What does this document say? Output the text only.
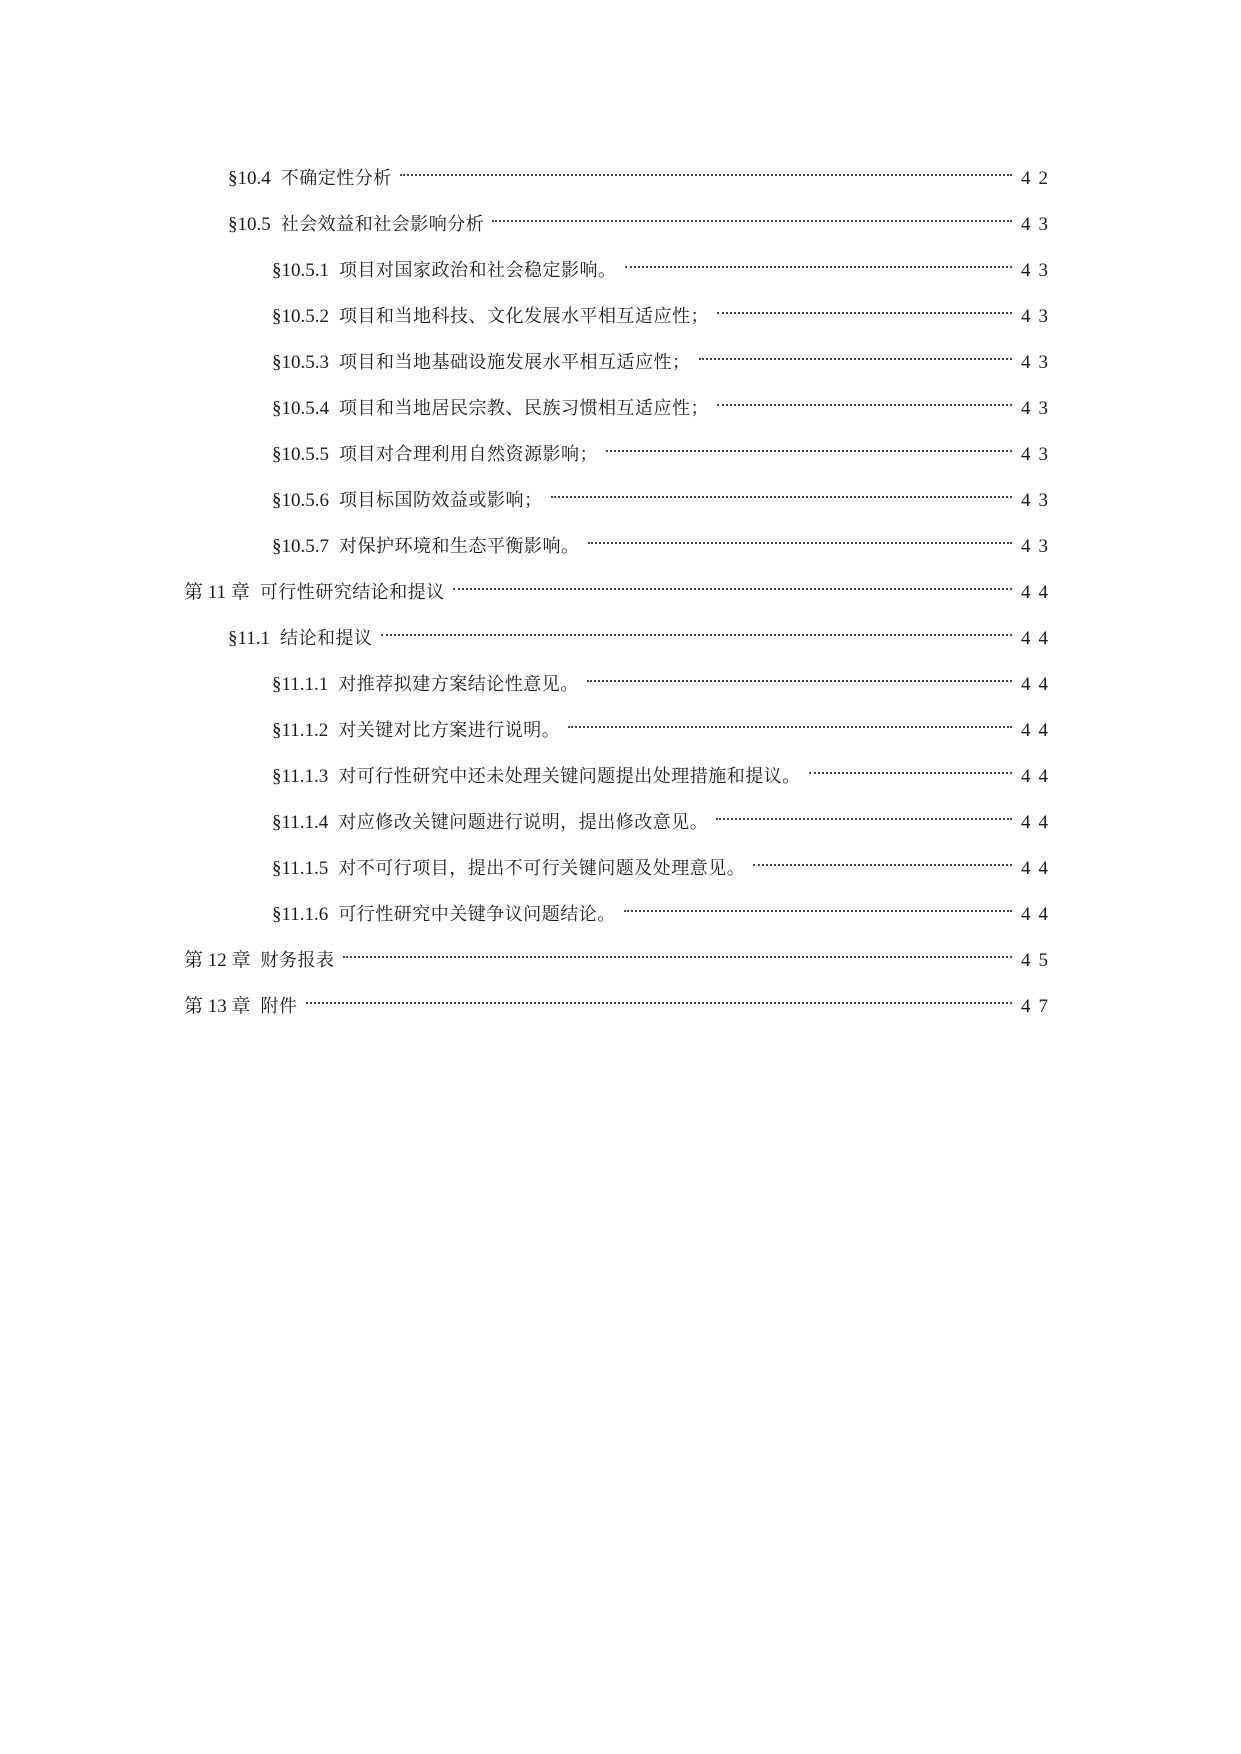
§10.4 不确定性分析	42
§10.5 社会效益和社会影响分析	43
§10.5.1 项目对国家政治和社会稳定影响。	43
§10.5.2 项目和当地科技、文化发展水平相互适应性；	43
§10.5.3 项目和当地基础设施发展水平相互适应性；	43
§10.5.4 项目和当地居民宗教、民族习惯相互适应性；	43
§10.5.5 项目对合理利用自然资源影响；	43
§10.5.6 项目标国防效益或影响；	43
§10.5.7 对保护环境和生态平衡影响。	43
第 11 章 可行性研究结论和提议	44
§11.1 结论和提议	44
§11.1.1 对推荐拟建方案结论性意见。	44
§11.1.2 对关键对比方案进行说明。	44
§11.1.3 对可行性研究中还未处理关键问题提出处理措施和提议。	44
§11.1.4 对应修改关键问题进行说明，提出修改意见。	44
§11.1.5 对不可行项目，提出不可行关键问题及处理意见。	44
§11.1.6 可行性研究中关键争议问题结论。	44
第 12 章 财务报表	45
第 13 章 附件	47
